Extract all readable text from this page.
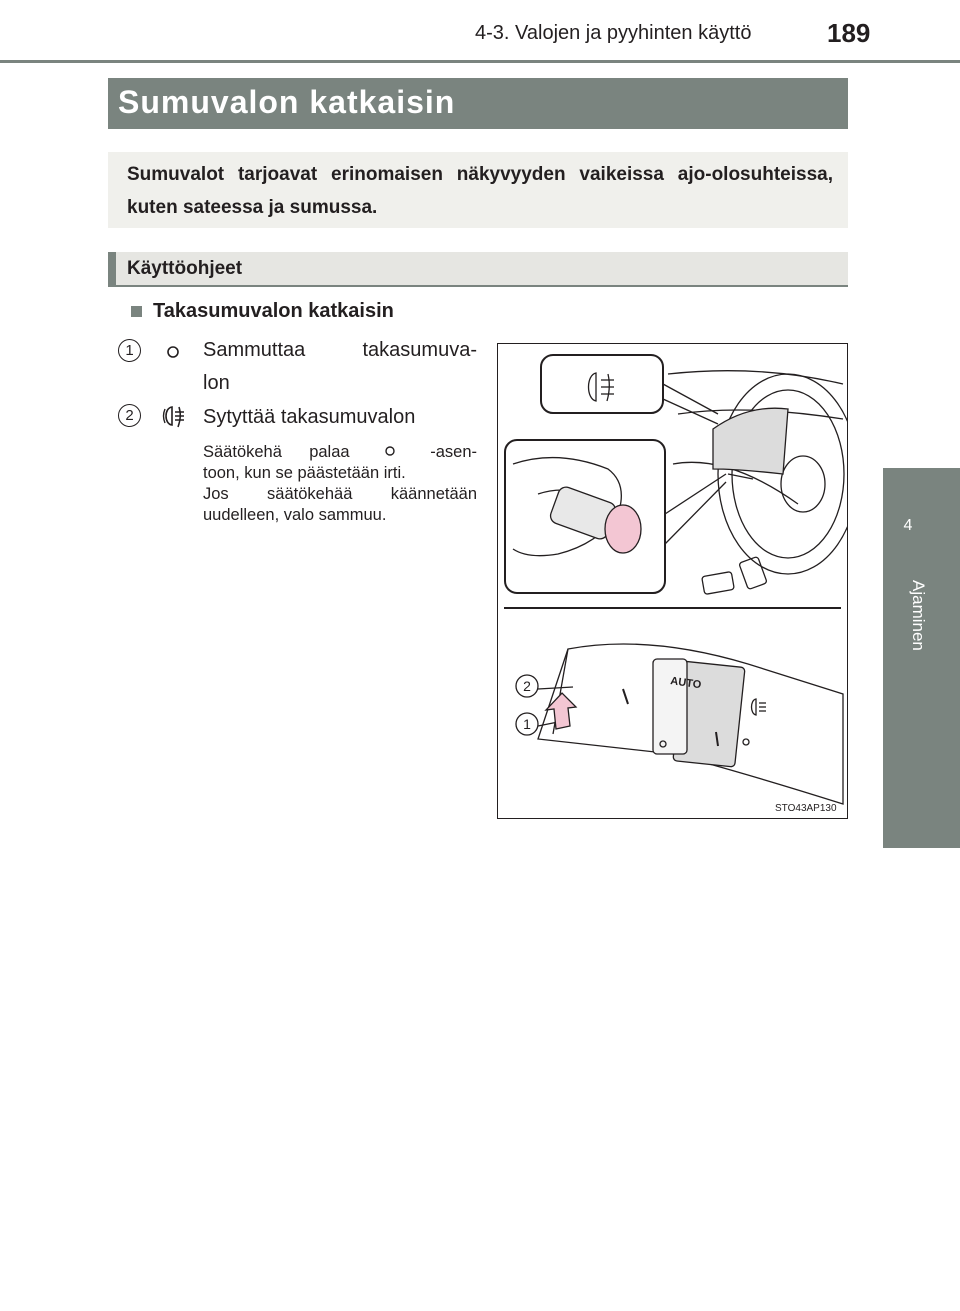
4-3. Valojen ja pyyhinten käyttö	189
4
Ajaminen
Sumuvalon katkaisin
Sumuvalot tarjoavat erinomaisen näkyvyyden vaikeissa ajo-olosuhteissa, kuten sateessa ja sumussa.
Käyttöohjeet
Takasumuvalon katkaisin
1	Sammuttaa takasumuva-
lon
2	Sytyttää takasumuvalon
Säätökehä palaa	-asen-
toon, kun se päästetään irti.
Jos säätökehää käännetään
uudelleen, valo sammuu.
AUTO
2
1
STO43AP130
